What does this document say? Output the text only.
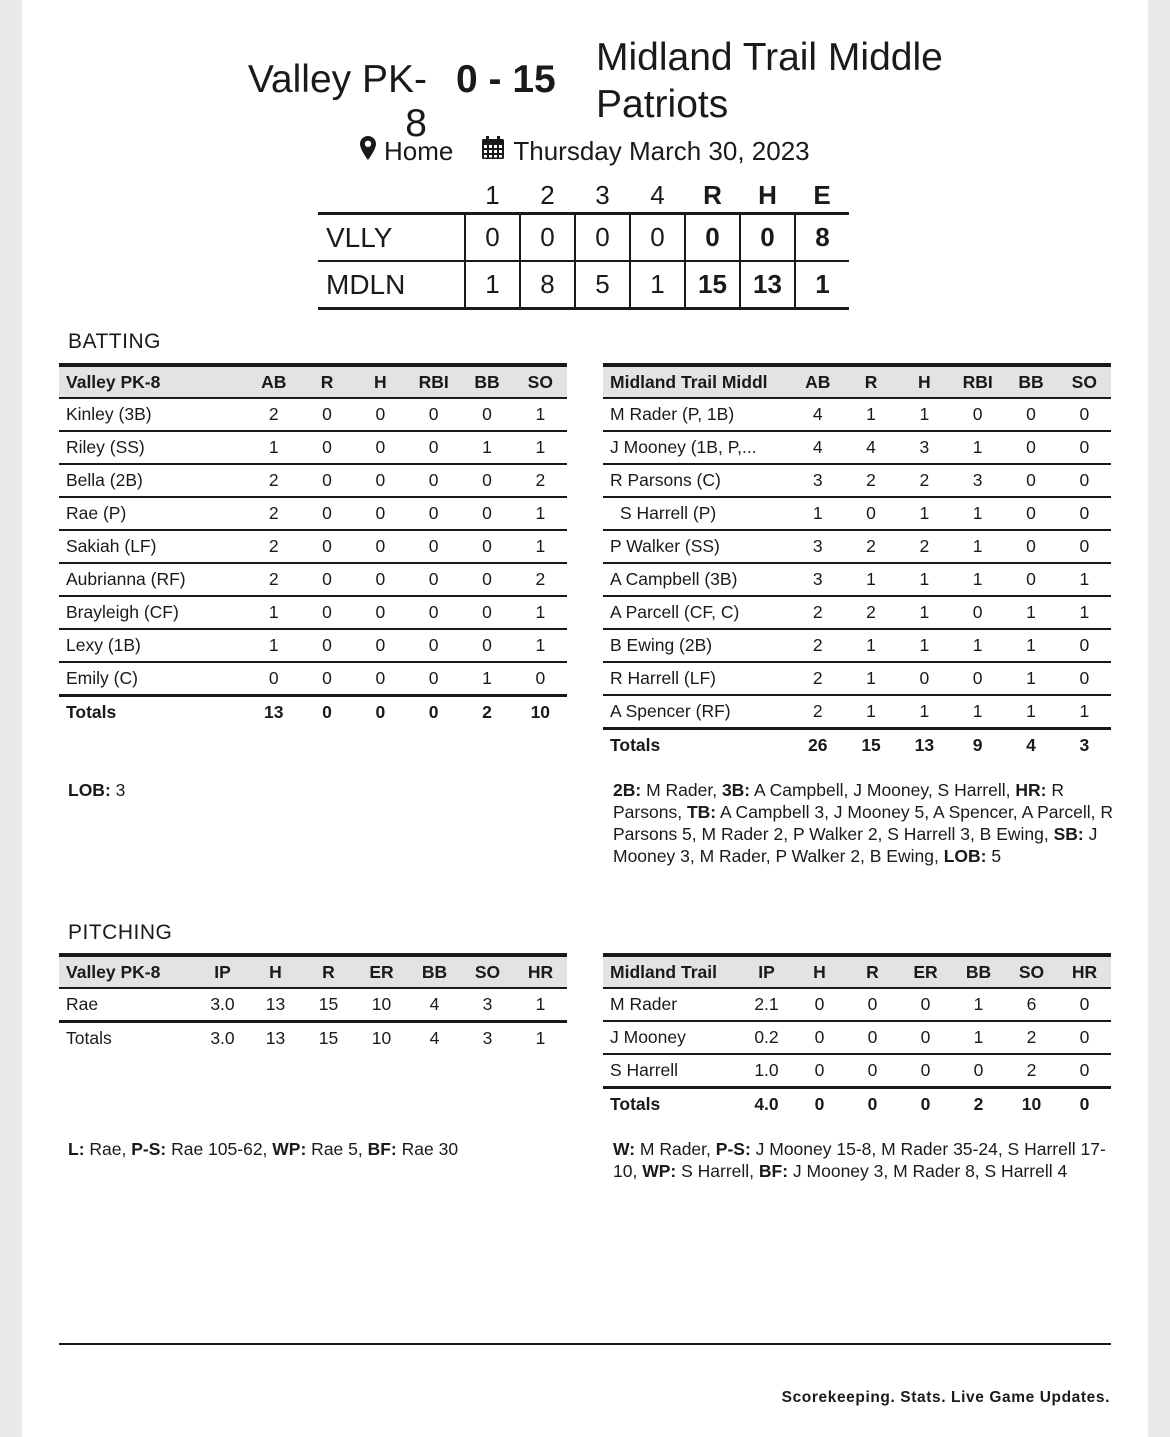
Valley PK-8
0 - 15
Midland Trail Middle Patriots
Home Thursday March 30, 2023
	1	2	3	4	R	H	E
VLLY	0	0	0	0	0	0	8
MDLN	1	8	5	1	15	13	1
BATTING
Valley PK-8	AB	R	H	RBI	BB	SO
Kinley (3B)	2	0	0	0	0	1
Riley (SS)	1	0	0	0	1	1
Bella (2B)	2	0	0	0	0	2
Rae (P)	2	0	0	0	0	1
Sakiah (LF)	2	0	0	0	0	1
Aubrianna (RF)	2	0	0	0	0	2
Brayleigh (CF)	1	0	0	0	0	1
Lexy (1B)	1	0	0	0	0	1
Emily (C)	0	0	0	0	1	0
Totals	13	0	0	0	2	10
Midland Trail Middl	AB	R	H	RBI	BB	SO
M Rader (P, 1B)	4	1	1	0	0	0
J Mooney (1B, P,...	4	4	3	1	0	0
R Parsons (C)	3	2	2	3	0	0
S Harrell (P)	1	0	1	1	0	0
P Walker (SS)	3	2	2	1	0	0
A Campbell (3B)	3	1	1	1	0	1
A Parcell (CF, C)	2	2	1	0	1	1
B Ewing (2B)	2	1	1	1	1	0
R Harrell (LF)	2	1	0	0	1	0
A Spencer (RF)	2	1	1	1	1	1
Totals	26	15	13	9	4	3
LOB: 3	2B: M Rader, 3B: A Campbell, J Mooney, S Harrell, HR: R Parsons, TB: A Campbell 3, J Mooney 5, A Spencer, A Parcell, R Parsons 5, M Rader 2, P Walker 2, S Harrell 3, B Ewing, SB: J Mooney 3, M Rader, P Walker 2, B Ewing, LOB: 5
PITCHING
Valley PK-8	IP	H	R	ER	BB	SO	HR
Rae	3.0	13	15	10	4	3	1
Totals	3.0	13	15	10	4	3	1
Midland Trail	IP	H	R	ER	BB	SO	HR
M Rader	2.1	0	0	0	1	6	0
J Mooney	0.2	0	0	0	1	2	0
S Harrell	1.0	0	0	0	0	2	0
Totals	4.0	0	0	0	2	10	0
L: Rae, P-S: Rae 105-62, WP: Rae 5, BF: Rae 30	W: M Rader, P-S: J Mooney 15-8, M Rader 35-24, S Harrell 17-10, WP: S Harrell, BF: J Mooney 3, M Rader 8, S Harrell 4
Scorekeeping. Stats. Live Game Updates.
